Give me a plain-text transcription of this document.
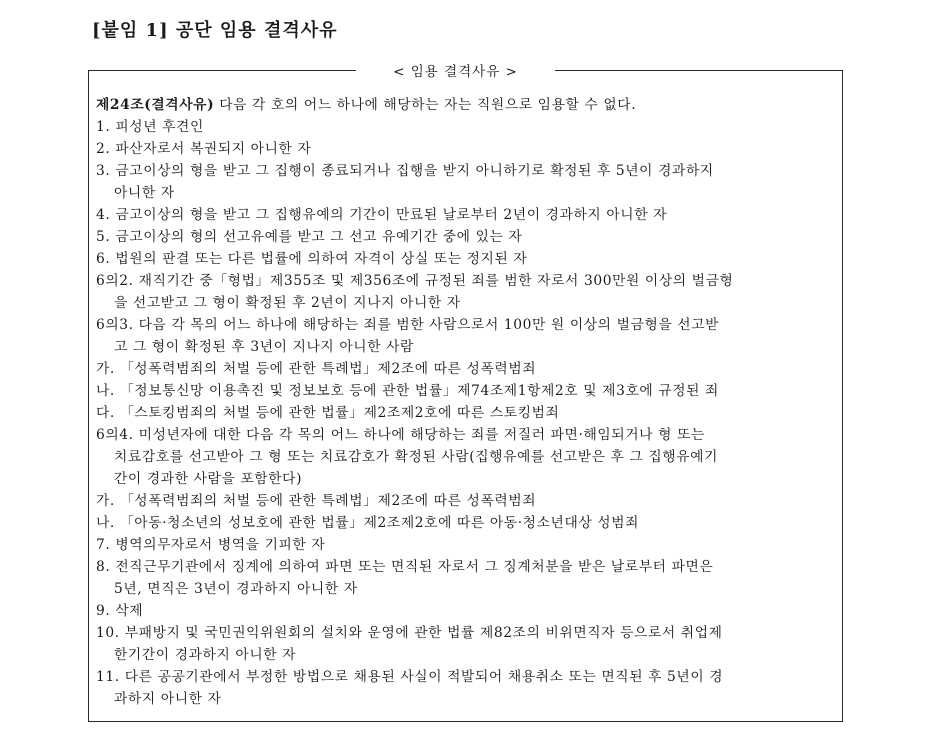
[붙임 1] 공단 임용 결격사유
< 임용 결격사유 >
제24조(결격사유) 다음 각 호의 어느 하나에 해당하는 자는 직원으로 임용할 수 없다.
1. 피성년 후견인
2. 파산자로서 복권되지 아니한 자
3. 금고이상의 형을 받고 그 집행이 종료되거나 집행을 받지 아니하기로 확정된 후 5년이 경과하지
아니한 자
4. 금고이상의 형을 받고 그 집행유예의 기간이 만료된 날로부터 2년이 경과하지 아니한 자
5. 금고이상의 형의 선고유예를 받고 그 선고 유예기간 중에 있는 자
6. 법원의 판결 또는 다른 법률에 의하여 자격이 상실 또는 정지된 자
6의2. 재직기간 중「형법」제355조 및 제356조에 규정된 죄를 범한 자로서 300만원 이상의 벌금형
을 선고받고 그 형이 확정된 후 2년이 지나지 아니한 자
6의3. 다음 각 목의 어느 하나에 해당하는 죄를 범한 사람으로서 100만 원 이상의 벌금형을 선고받
고 그 형이 확정된 후 3년이 지나지 아니한 사람
가. 「성폭력범죄의 처벌 등에 관한 특례법」제2조에 따른 성폭력범죄
나. 「정보통신망 이용촉진 및 정보보호 등에 관한 법률」제74조제1항제2호 및 제3호에 규정된 죄
다. 「스토킹범죄의 처벌 등에 관한 법률」제2조제2호에 따른 스토킹범죄
6의4. 미성년자에 대한 다음 각 목의 어느 하나에 해당하는 죄를 저질러 파면·해임되거나 형 또는
치료감호를 선고받아 그 형 또는 치료감호가 확정된 사람(집행유예를 선고받은 후 그 집행유예기
간이 경과한 사람을 포함한다)
가. 「성폭력범죄의 처벌 등에 관한 특례법」제2조에 따른 성폭력범죄
나. 「아동·청소년의 성보호에 관한 법률」제2조제2호에 따른 아동·청소년대상 성범죄
7. 병역의무자로서 병역을 기피한 자
8. 전직근무기관에서 징계에 의하여 파면 또는 면직된 자로서 그 징계처분을 받은 날로부터 파면은
5년, 면직은 3년이 경과하지 아니한 자
9. 삭제
10. 부패방지 및 국민권익위원회의 설치와 운영에 관한 법률 제82조의 비위면직자 등으로서 취업제
한기간이 경과하지 아니한 자
11. 다른 공공기관에서 부정한 방법으로 채용된 사실이 적발되어 채용취소 또는 면직된 후 5년이 경
과하지 아니한 자
